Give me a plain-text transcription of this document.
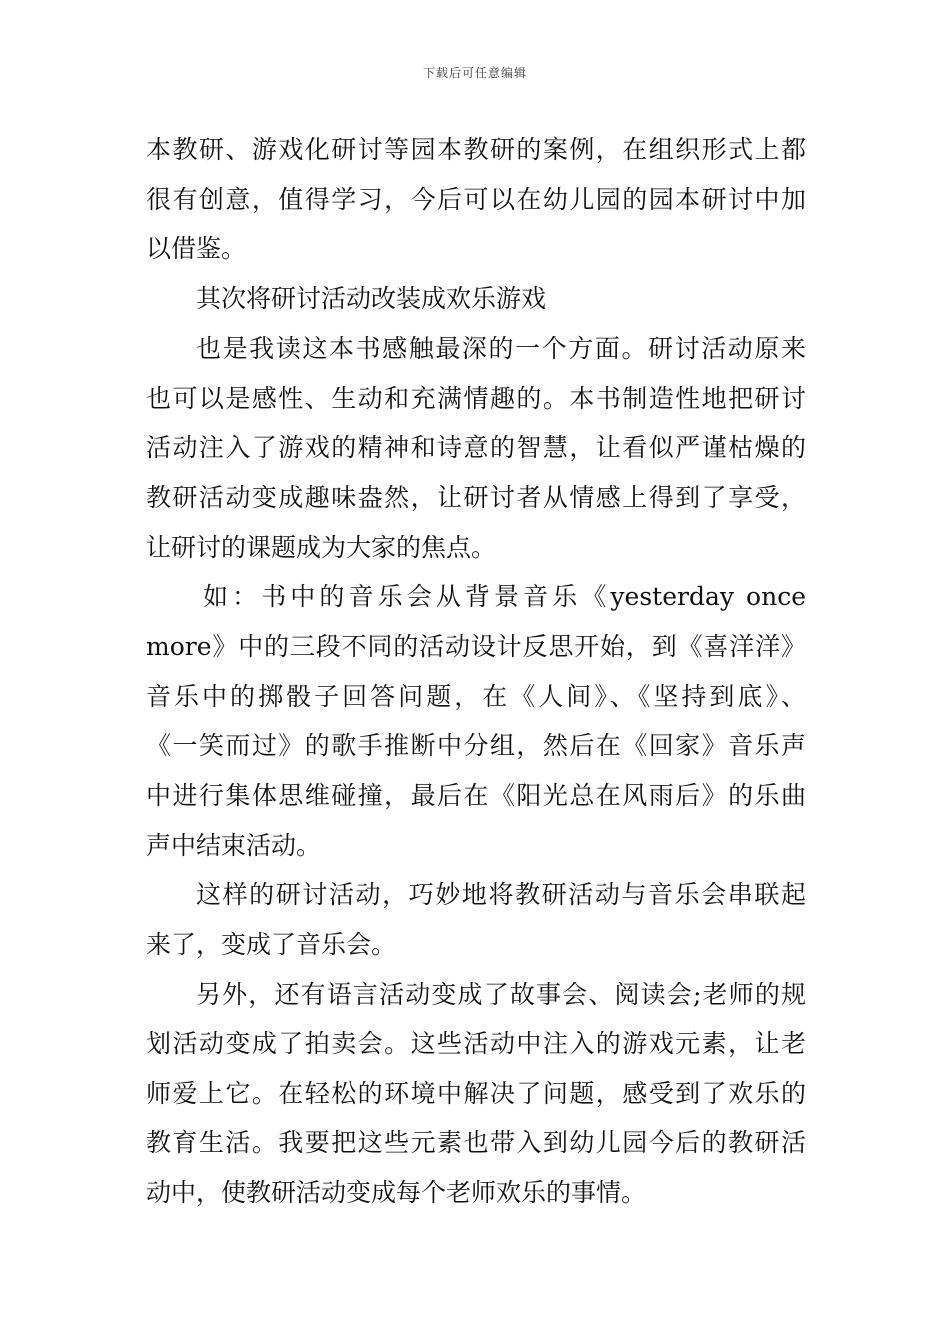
下载后可任意编辑
本教研、游戏化研讨等园本教研的案例，在组织形式上都
很有创意，值得学习，今后可以在幼儿园的园本研讨中加
以借鉴。
其次将研讨活动改装成欢乐游戏
也是我读这本书感触最深的一个方面。研讨活动原来
也可以是感性、生动和充满情趣的。本书制造性地把研讨
活动注入了游戏的精神和诗意的智慧，让看似严谨枯燥的
教研活动变成趣味盎然，让研讨者从情感上得到了享受，
让研讨的课题成为大家的焦点。
如：书中的音乐会从背景音乐《yesterday once
more》中的三段不同的活动设计反思开始，到《喜洋洋》
音乐中的掷骰子回答问题，在《人间》、《坚持到底》、
《一笑而过》的歌手推断中分组，然后在《回家》音乐声
中进行集体思维碰撞，最后在《阳光总在风雨后》的乐曲
声中结束活动。
这样的研讨活动，巧妙地将教研活动与音乐会串联起
来了，变成了音乐会。
另外，还有语言活动变成了故事会、阅读会;老师的规
划活动变成了拍卖会。这些活动中注入的游戏元素，让老
师爱上它。在轻松的环境中解决了问题，感受到了欢乐的
教育生活。我要把这些元素也带入到幼儿园今后的教研活
动中，使教研活动变成每个老师欢乐的事情。
